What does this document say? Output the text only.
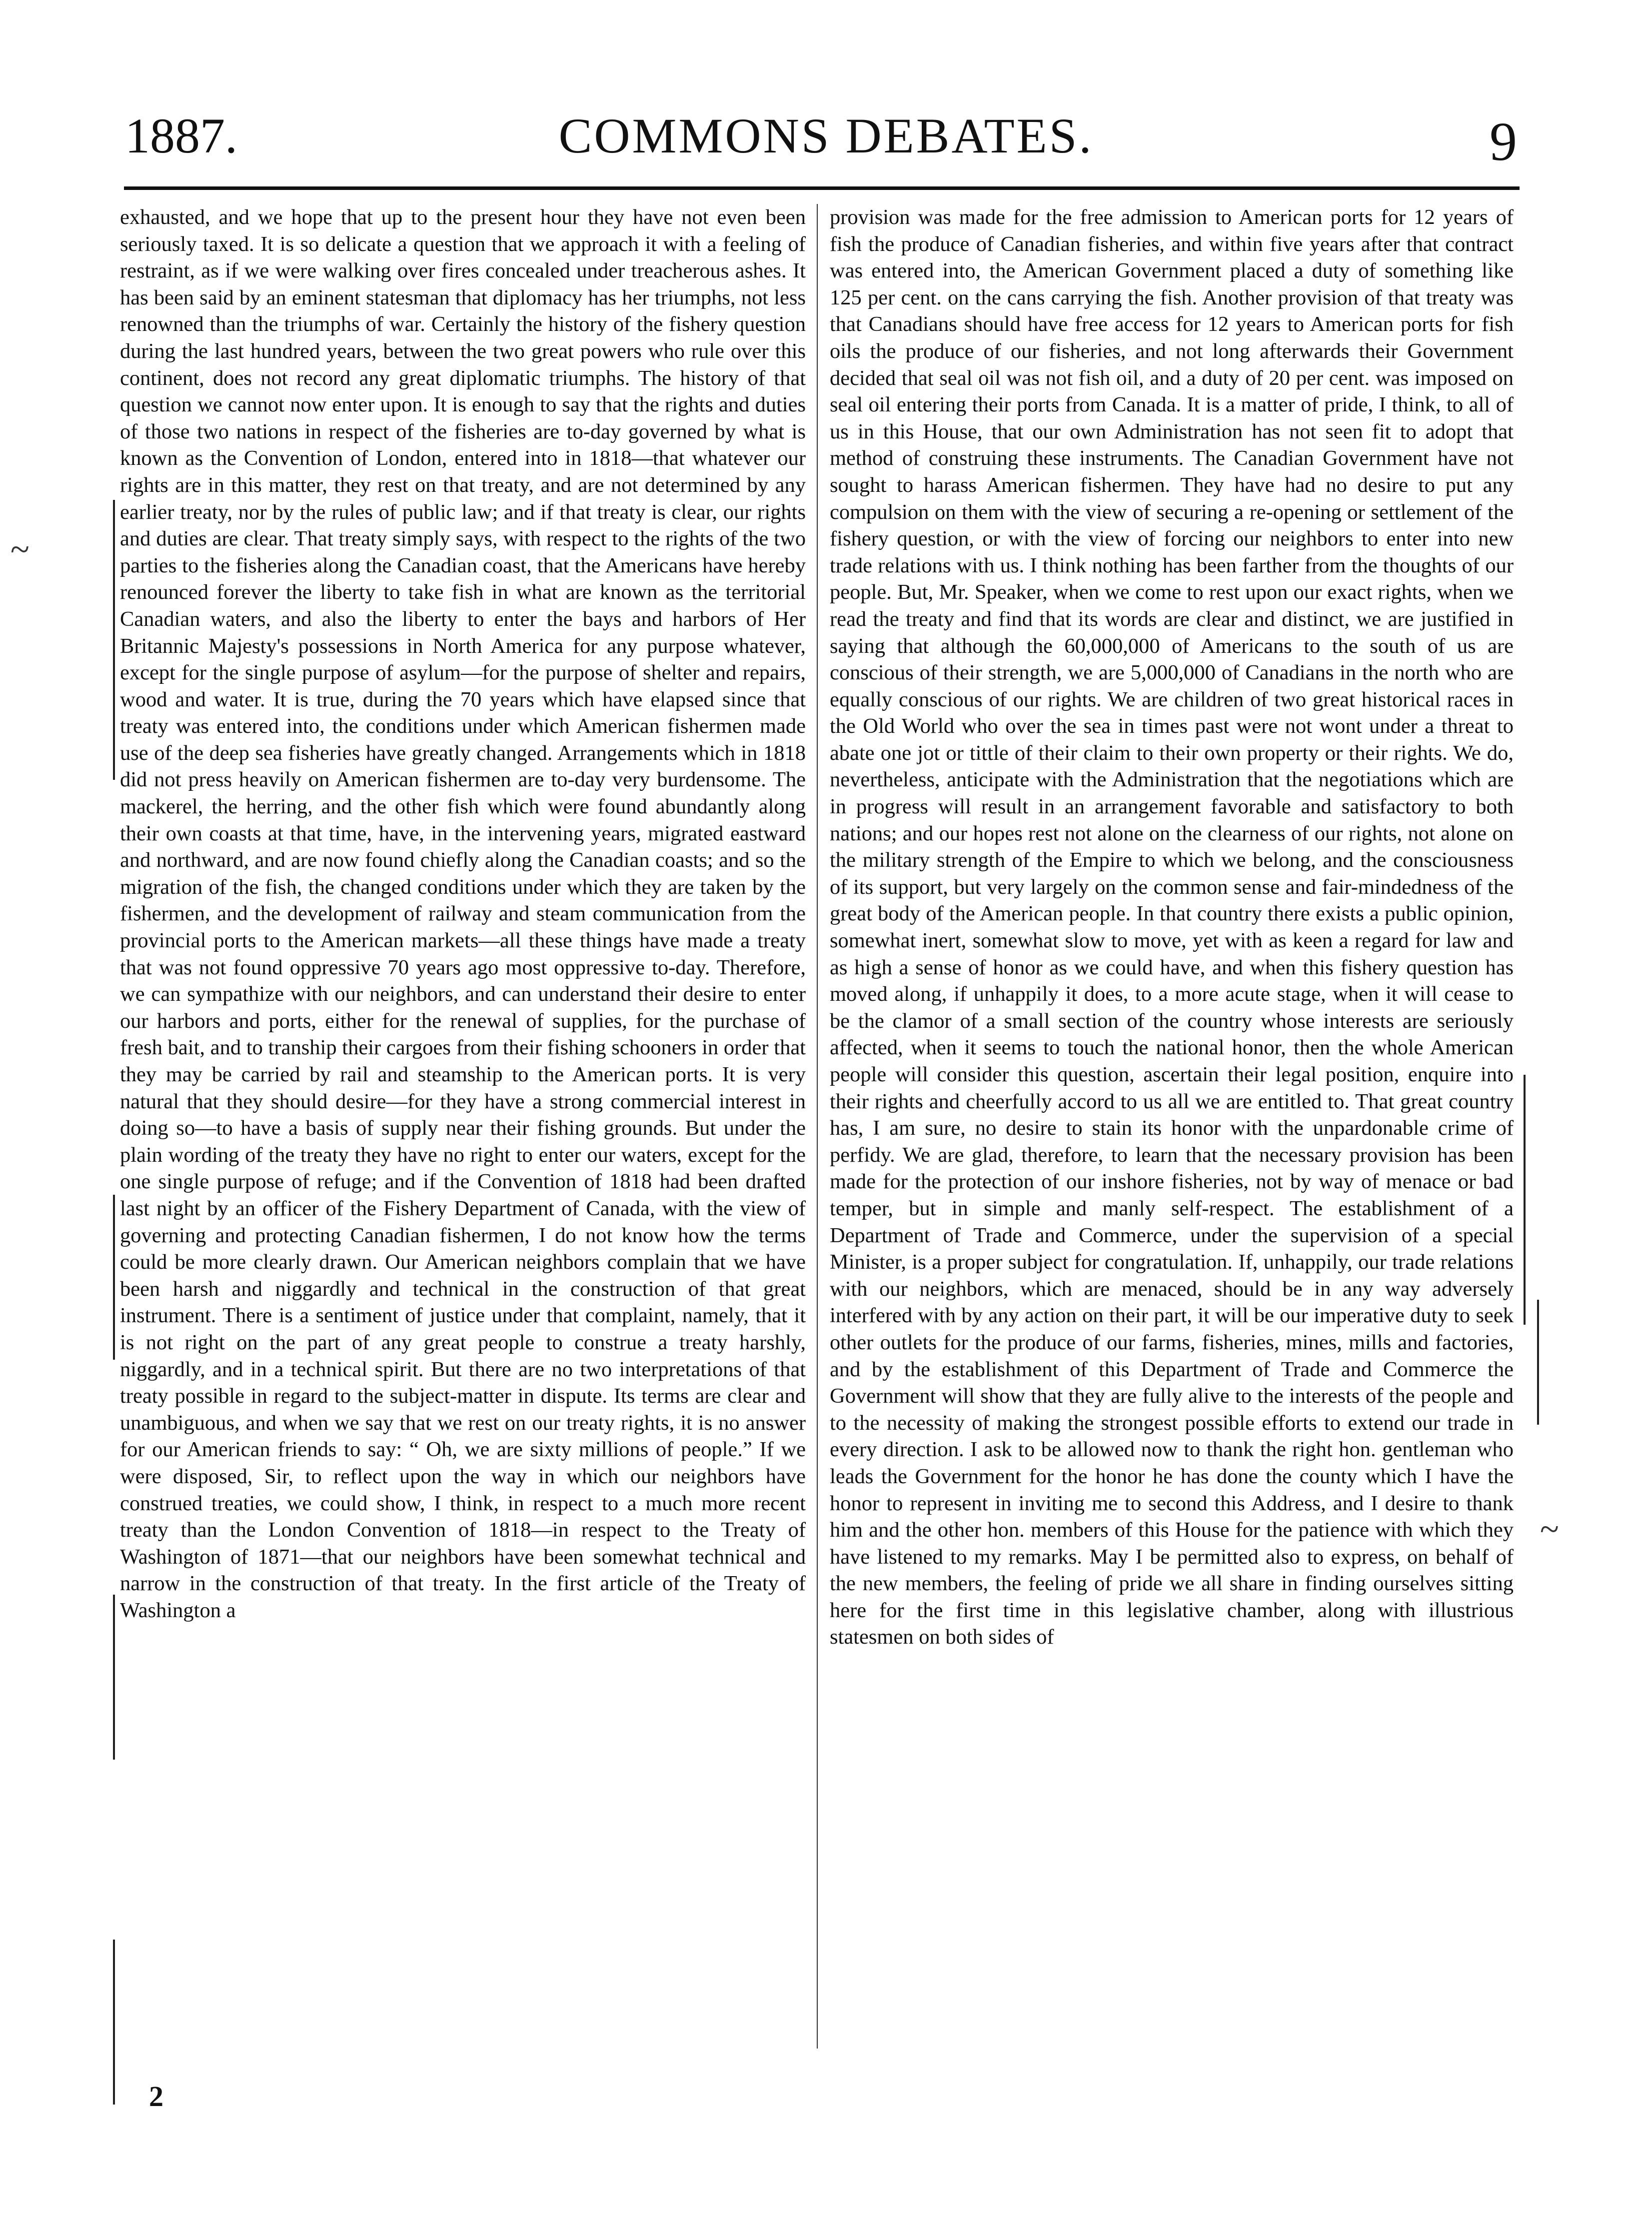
COMMONS DEBATES.
1887.	9

exhausted, and we hope that up to the present hour they have not even been seriously taxed. It is so delicate a question that we approach it with a feeling of restraint, as if we were walking over fires concealed under treacherous ashes. It has been said by an eminent statesman that diplomacy has her triumphs, not less renowned than the triumphs of war. Certainly the history of the fishery question during the last hundred years, between the two great powers who rule over this continent, does not record any great diplomatic triumphs. The history of that question we cannot now enter upon. It is enough to say that the rights and duties of those two nations in respect of the fisheries are to-day governed by what is known as the Convention of London, entered into in 1818—that whatever our rights are in this matter, they rest on that treaty, and are not determined by any earlier treaty, nor by the rules of public law; and if that treaty is clear, our rights and duties are clear. That treaty simply says, with respect to the rights of the two parties to the fisheries along the Canadian coast, that the Americans have hereby renounced forever the liberty to take fish in what are known as the territorial Canadian waters, and also the liberty to enter the bays and harbors of Her Britannic Majesty's possessions in North America for any purpose whatever, except for the single purpose of asylum—for the purpose of shelter and repairs, wood and water. It is true, during the 70 years which have elapsed since that treaty was entered into, the conditions under which American fishermen made use of the deep sea fisheries have greatly changed. Arrangements which in 1818 did not press heavily on American fishermen are to-day very burdensome. The mackerel, the herring, and the other fish which were found abundantly along their own coasts at that time, have, in the intervening years, migrated eastward and northward, and are now found chiefly along the Canadian coasts; and so the migration of the fish, the changed conditions under which they are taken by the fishermen, and the development of railway and steam communication from the provincial ports to the American markets—all these things have made a treaty that was not found oppressive 70 years ago most oppressive to-day. Therefore, we can sympathize with our neighbors, and can understand their desire to enter our harbors and ports, either for the renewal of supplies, for the purchase of fresh bait, and to tranship their cargoes from their fishing schooners in order that they may be carried by rail and steamship to the American ports. It is very natural that they should desire—for they have a strong commercial interest in doing so—to have a basis of supply near their fishing grounds. But under the plain wording of the treaty they have no right to enter our waters, except for the one single purpose of refuge; and if the Convention of 1818 had been drafted last night by an officer of the Fishery Department of Canada, with the view of governing and protecting Canadian fishermen, I do not know how the terms could be more clearly drawn. Our American neighbors complain that we have been harsh and niggardly and technical in the construction of that great instrument. There is a sentiment of justice under that complaint, namely, that it is not right on the part of any great people to construe a treaty harshly, niggardly, and in a technical spirit. But there are no two interpretations of that treaty possible in regard to the subject-matter in dispute. Its terms are clear and unambiguous, and when we say that we rest on our treaty rights, it is no answer for our American friends to say: “ Oh, we are sixty millions of people.” If we were disposed, Sir, to reflect upon the way in which our neighbors have construed treaties, we could show, I think, in respect to a much more recent treaty than the London Convention of 1818—in respect to the Treaty of Washington of 1871—that our neighbors have been somewhat technical and narrow in the construction of that treaty. In the first article of the Treaty of Washington a

provision was made for the free admission to American ports for 12 years of fish the produce of Canadian fisheries, and within five years after that contract was entered into, the American Government placed a duty of something like 125 per cent. on the cans carrying the fish. Another provision of that treaty was that Canadians should have free access for 12 years to American ports for fish oils the produce of our fisheries, and not long afterwards their Government decided that seal oil was not fish oil, and a duty of 20 per cent. was imposed on seal oil entering their ports from Canada. It is a matter of pride, I think, to all of us in this House, that our own Administration has not seen fit to adopt that method of construing these instruments. The Canadian Government have not sought to harass American fishermen. They have had no desire to put any compulsion on them with the view of securing a re-opening or settlement of the fishery question, or with the view of forcing our neighbors to enter into new trade relations with us. I think nothing has been farther from the thoughts of our people. But, Mr. Speaker, when we come to rest upon our exact rights, when we read the treaty and find that its words are clear and distinct, we are justified in saying that although the 60,000,000 of Americans to the south of us are conscious of their strength, we are 5,000,000 of Canadians in the north who are equally conscious of our rights. We are children of two great historical races in the Old World who over the sea in times past were not wont under a threat to abate one jot or tittle of their claim to their own property or their rights. We do, nevertheless, anticipate with the Administration that the negotiations which are in progress will result in an arrangement favorable and satisfactory to both nations; and our hopes rest not alone on the clearness of our rights, not alone on the military strength of the Empire to which we belong, and the consciousness of its support, but very largely on the common sense and fair-mindedness of the great body of the American people. In that country there exists a public opinion, somewhat inert, somewhat slow to move, yet with as keen a regard for law and as high a sense of honor as we could have, and when this fishery question has moved along, if unhappily it does, to a more acute stage, when it will cease to be the clamor of a small section of the country whose interests are seriously affected, when it seems to touch the national honor, then the whole American people will consider this question, ascertain their legal position, enquire into their rights and cheerfully accord to us all we are entitled to. That great country has, I am sure, no desire to stain its honor with the unpardonable crime of perfidy. We are glad, therefore, to learn that the necessary provision has been made for the protection of our inshore fisheries, not by way of menace or bad temper, but in simple and manly self-respect. The establishment of a Department of Trade and Commerce, under the supervision of a special Minister, is a proper subject for congratulation. If, unhappily, our trade relations with our neighbors, which are menaced, should be in any way adversely interfered with by any action on their part, it will be our imperative duty to seek other outlets for the produce of our farms, fisheries, mines, mills and factories, and by the establishment of this Department of Trade and Commerce the Government will show that they are fully alive to the interests of the people and to the necessity of making the strongest possible efforts to extend our trade in every direction. I ask to be allowed now to thank the right hon. gentleman who leads the Government for the honor he has done the county which I have the honor to represent in inviting me to second this Address, and I desire to thank him and the other hon. members of this House for the patience with which they have listened to my remarks. May I be permitted also to express, on behalf of the new members, the feeling of pride we all share in finding ourselves sitting here for the first time in this legislative chamber, along with illustrious statesmen on both sides of

2
~
~
